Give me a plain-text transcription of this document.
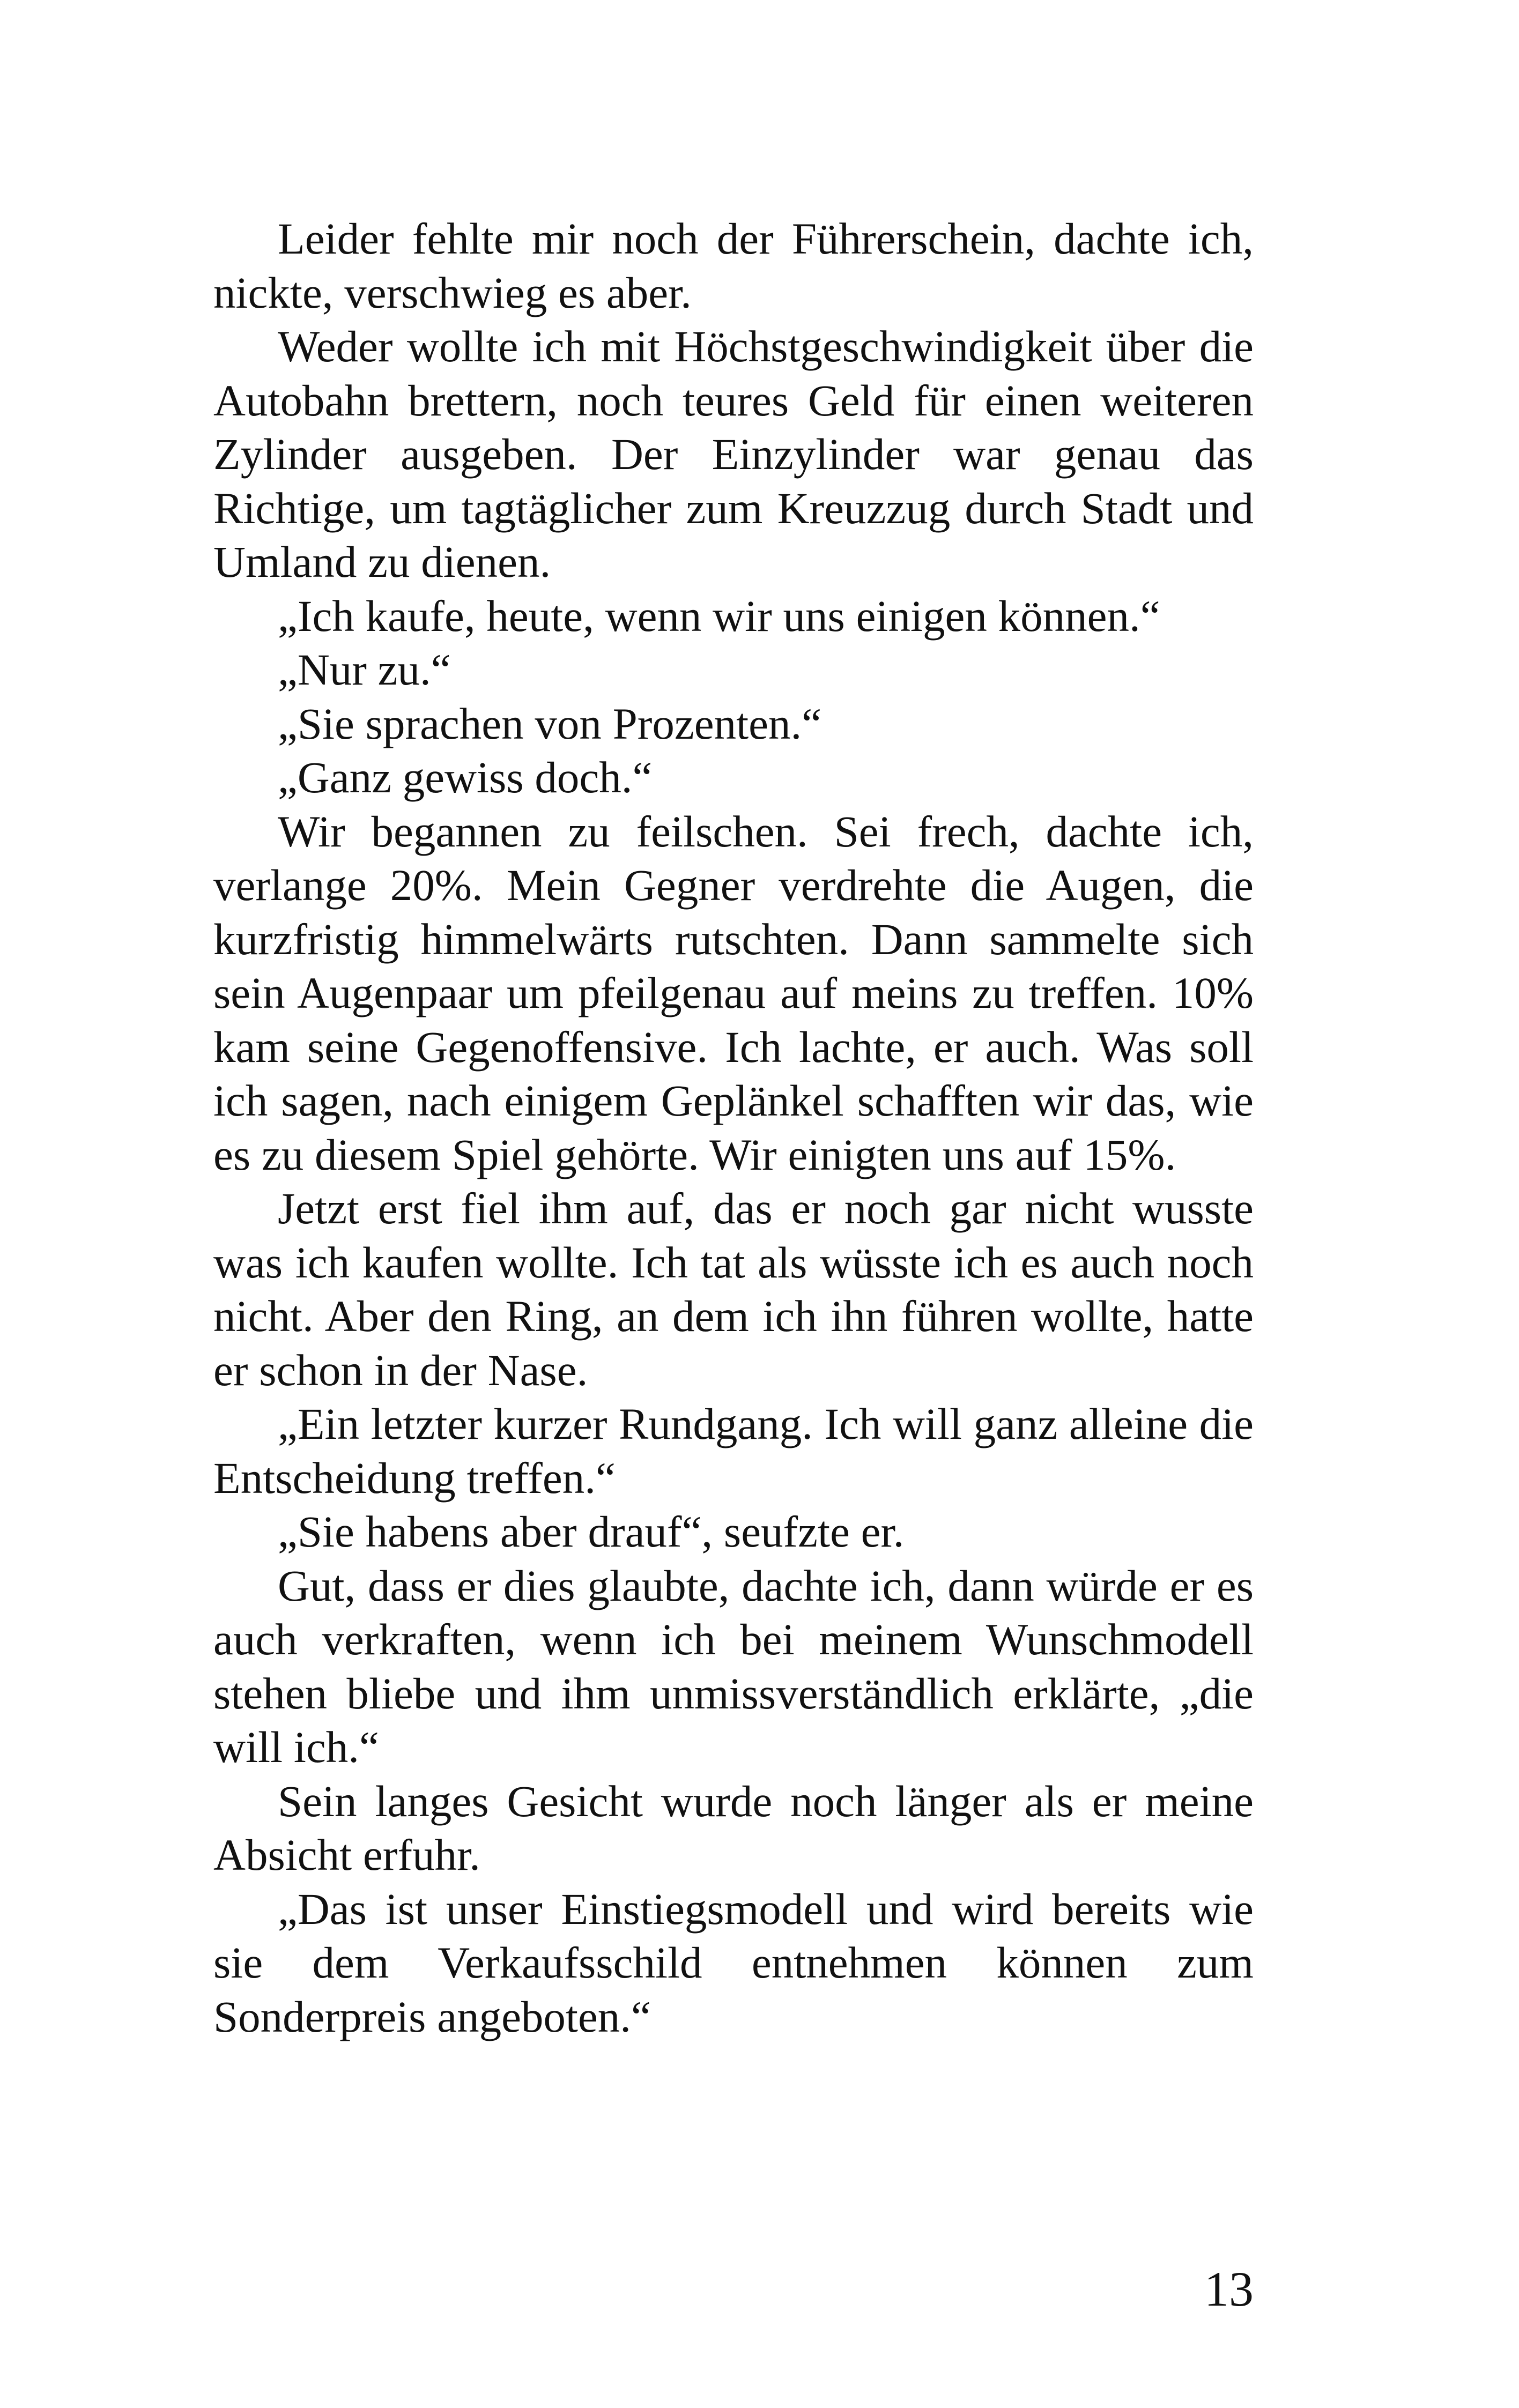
Leider fehlte mir noch der Führerschein, dachte ich, nickte, verschwieg es aber.

Weder wollte ich mit Höchstgeschwindigkeit über die Autobahn brettern, noch teures Geld für einen weiteren Zylinder ausgeben. Der Einzylinder war genau das Richtige, um tagtäglicher zum Kreuzzug durch Stadt und Umland zu dienen.

„Ich kaufe, heute, wenn wir uns einigen können.“

„Nur zu.“

„Sie sprachen von Prozenten.“

„Ganz gewiss doch.“

Wir begannen zu feilschen. Sei frech, dachte ich, verlange 20%. Mein Gegner verdrehte die Augen, die kurzfristig himmelwärts rutschten. Dann sammelte sich sein Augenpaar um pfeilgenau auf meins zu treffen. 10% kam seine Gegenoffensive. Ich lachte, er auch. Was soll ich sagen, nach einigem Geplänkel schafften wir das, wie es zu diesem Spiel gehörte. Wir einigten uns auf 15%.

Jetzt erst fiel ihm auf, das er noch gar nicht wusste was ich kaufen wollte. Ich tat als wüsste ich es auch noch nicht. Aber den Ring, an dem ich ihn führen wollte, hatte er schon in der Nase.

„Ein letzter kurzer Rundgang. Ich will ganz alleine die Entscheidung treffen.“

„Sie habens aber drauf“, seufzte er.

Gut, dass er dies glaubte, dachte ich, dann würde er es auch verkraften, wenn ich bei meinem Wunschmodell stehen bliebe und ihm unmissverständlich erklärte, „die will ich.“

Sein langes Gesicht wurde noch länger als er meine Absicht erfuhr.

„Das ist unser Einstiegsmodell und wird bereits wie sie dem Verkaufsschild entnehmen können zum Sonderpreis angeboten.“

13
